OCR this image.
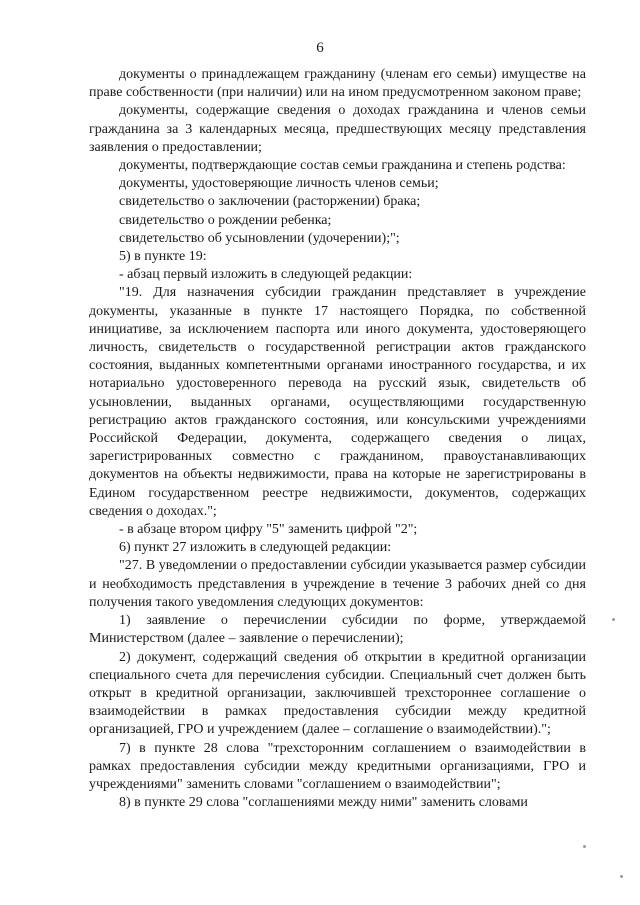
6

документы о принадлежащем гражданину (членам его семьи) имуществе на праве собственности (при наличии) или на ином предусмотренном законом праве;

документы, содержащие сведения о доходах гражданина и членов семьи гражданина за 3 календарных месяца, предшествующих месяцу представления заявления о предоставлении;

документы, подтверждающие состав семьи гражданина и степень родства:

документы, удостоверяющие личность членов семьи;

свидетельство о заключении (расторжении) брака;

свидетельство о рождении ребенка;

свидетельство об усыновлении (удочерении);";

5) в пункте 19:

- абзац первый изложить в следующей редакции:

"19. Для назначения субсидии гражданин представляет в учреждение документы, указанные в пункте 17 настоящего Порядка, по собственной инициативе, за исключением паспорта или иного документа, удостоверяющего личность, свидетельств о государственной регистрации актов гражданского состояния, выданных компетентными органами иностранного государства, и их нотариально удостоверенного перевода на русский язык, свидетельств об усыновлении, выданных органами, осуществляющими государственную регистрацию актов гражданского состояния, или консульскими учреждениями Российской Федерации, документа, содержащего сведения о лицах, зарегистрированных совместно с гражданином, правоустанавливающих документов на объекты недвижимости, права на которые не зарегистрированы в Едином государственном реестре недвижимости, документов, содержащих сведения о доходах.";

- в абзаце втором цифру "5" заменить цифрой "2";

6) пункт 27 изложить в следующей редакции:

"27. В уведомлении о предоставлении субсидии указывается размер субсидии и необходимость представления в учреждение в течение 3 рабочих дней со дня получения такого уведомления следующих документов:

1) заявление о перечислении субсидии по форме, утверждаемой Министерством (далее – заявление о перечислении);

2) документ, содержащий сведения об открытии в кредитной организации специального счета для перечисления субсидии. Специальный счет должен быть открыт в кредитной организации, заключившей трехстороннее соглашение о взаимодействии в рамках предоставления субсидии между кредитной организацией, ГРО и учреждением (далее – соглашение о взаимодействии).";

7) в пункте 28 слова "трехсторонним соглашением о взаимодействии в рамках предоставления субсидии между кредитными организациями, ГРО и учреждениями" заменить словами "соглашением о взаимодействии";

8) в пункте 29 слова "соглашениями между ними" заменить словами
